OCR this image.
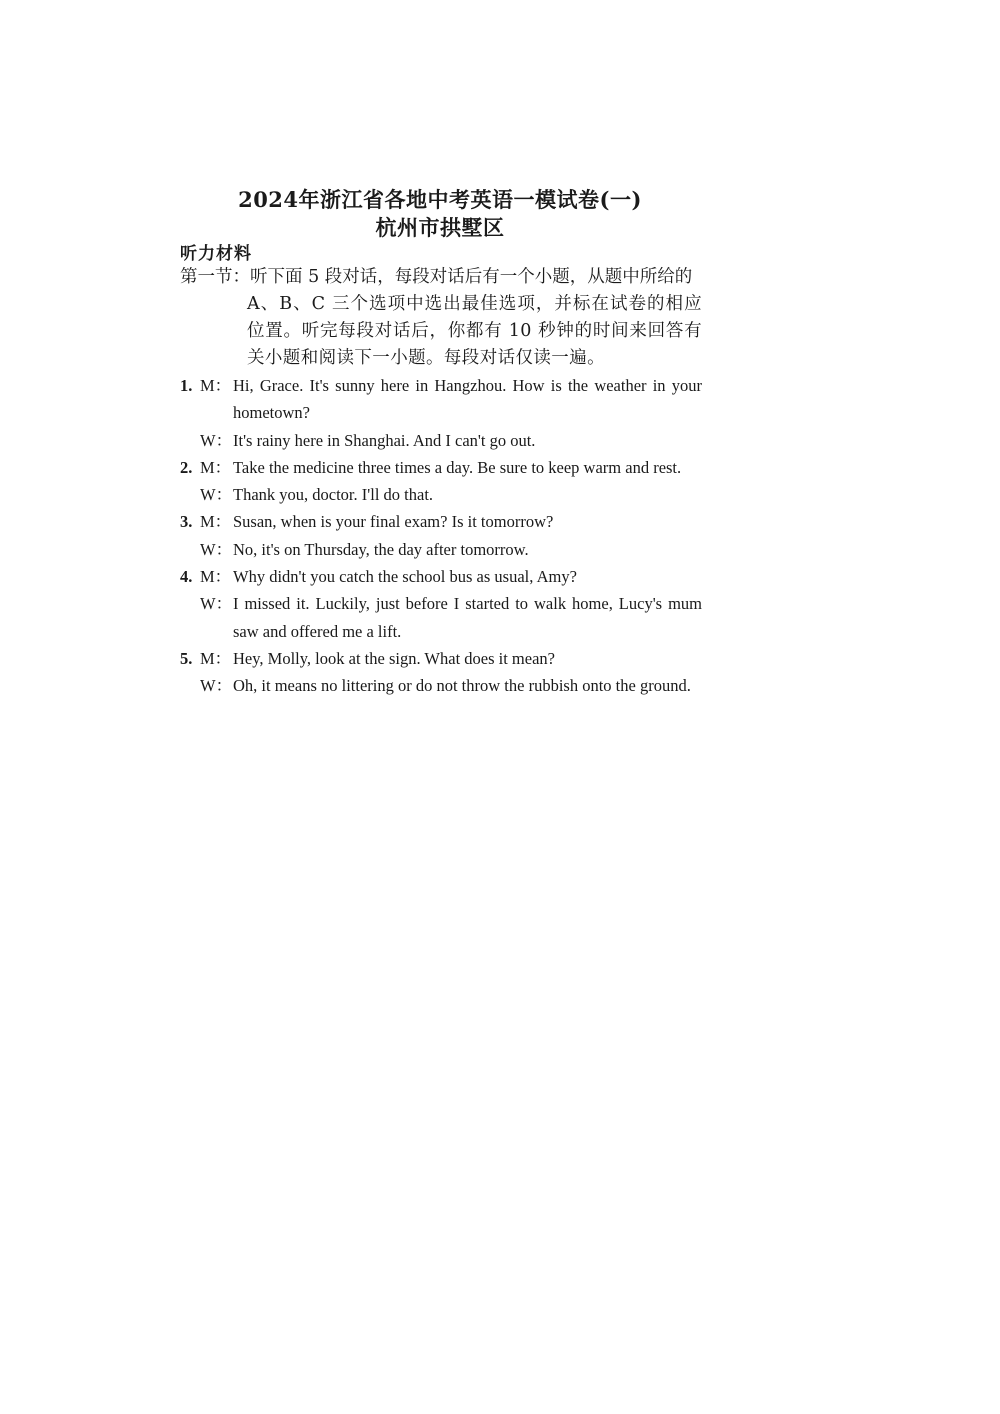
2024年浙江省各地中考英语一模试卷(一)
杭州市拱墅区
听力材料
第一节：听下面 5 段对话，每段对话后有一个小题，从题中所给的
A、B、C 三个选项中选出最佳选项，并标在试卷的相应位置。听完每段对话后，你都有 10 秒钟的时间来回答有关小题和阅读下一小题。每段对话仅读一遍。
1. M： Hi, Grace. It's sunny here in Hangzhou. How is the weather in your hometown?
W： It's rainy here in Shanghai. And I can't go out.
2. M： Take the medicine three times a day. Be sure to keep warm and rest.
W： Thank you, doctor. I'll do that.
3. M： Susan, when is your final exam? Is it tomorrow?
W： No, it's on Thursday, the day after tomorrow.
4. M： Why didn't you catch the school bus as usual, Amy?
W： I missed it. Luckily, just before I started to walk home, Lucy's mum saw and offered me a lift.
5. M： Hey, Molly, look at the sign. What does it mean?
W： Oh, it means no littering or do not throw the rubbish onto the ground.
